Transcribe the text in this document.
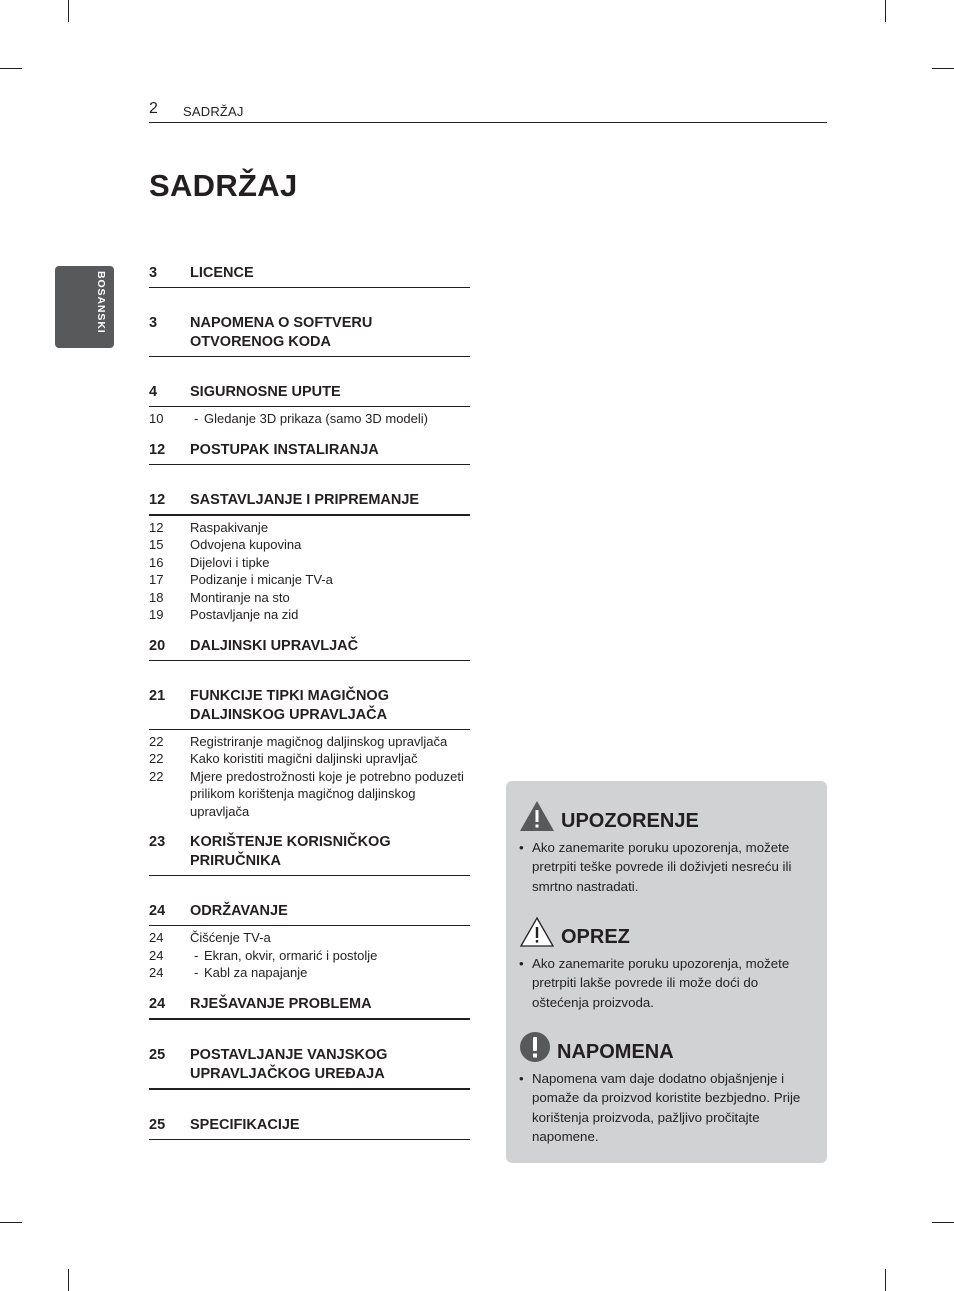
2 SADRŽAJ
SADRŽAJ
BOSANSKI	3	LICENCE
3	NAPOMENA O SOFTVERU OTVORENOG KODA
4	SIGURNOSNE UPUTE
10	- Gledanje 3D prikaza (samo 3D modeli)
12	POSTUPAK INSTALIRANJA
12	SASTAVLJANJE I PRIPREMANJE
12	Raspakivanje
15	Odvojena kupovina
16	Dijelovi i tipke
17	Podizanje i micanje TV-a
18	Montiranje na sto
19	Postavljanje na zid
20	DALJINSKI UPRAVLJAČ
21	FUNKCIJE TIPKI MAGIČNOG DALJINSKOG UPRAVLJAČA
22	Registriranje magičnog daljinskog upravljača
22	Kako koristiti magični daljinski upravljač
22	Mjere predostrožnosti koje je potrebno poduzeti prilikom korištenja magičnog daljinskog upravljača
23	KORIŠTENJE KORISNIČKOG PRIRUČNIKA
24	ODRŽAVANJE
24	Čišćenje TV-a
24	- Ekran, okvir, ormarić i postolje
24	- Kabl za napajanje
24	RJEŠAVANJE PROBLEMA
25	POSTAVLJANJE VANJSKOG UPRAVLJAČKOG UREĐAJA
25	SPECIFIKACIJE
UPOZORENJE
• Ako zanemarite poruku upozorenja, možete pretrpiti teške povrede ili doživjeti nesreću ili smrtno nastradati.
OPREZ
• Ako zanemarite poruku upozorenja, možete pretrpiti lakše povrede ili može doći do oštećenja proizvoda.
NAPOMENA
• Napomena vam daje dodatno objašnjenje i pomaže da proizvod koristite bezbjedno. Prije korištenja proizvoda, pažljivo pročitajte napomene.
